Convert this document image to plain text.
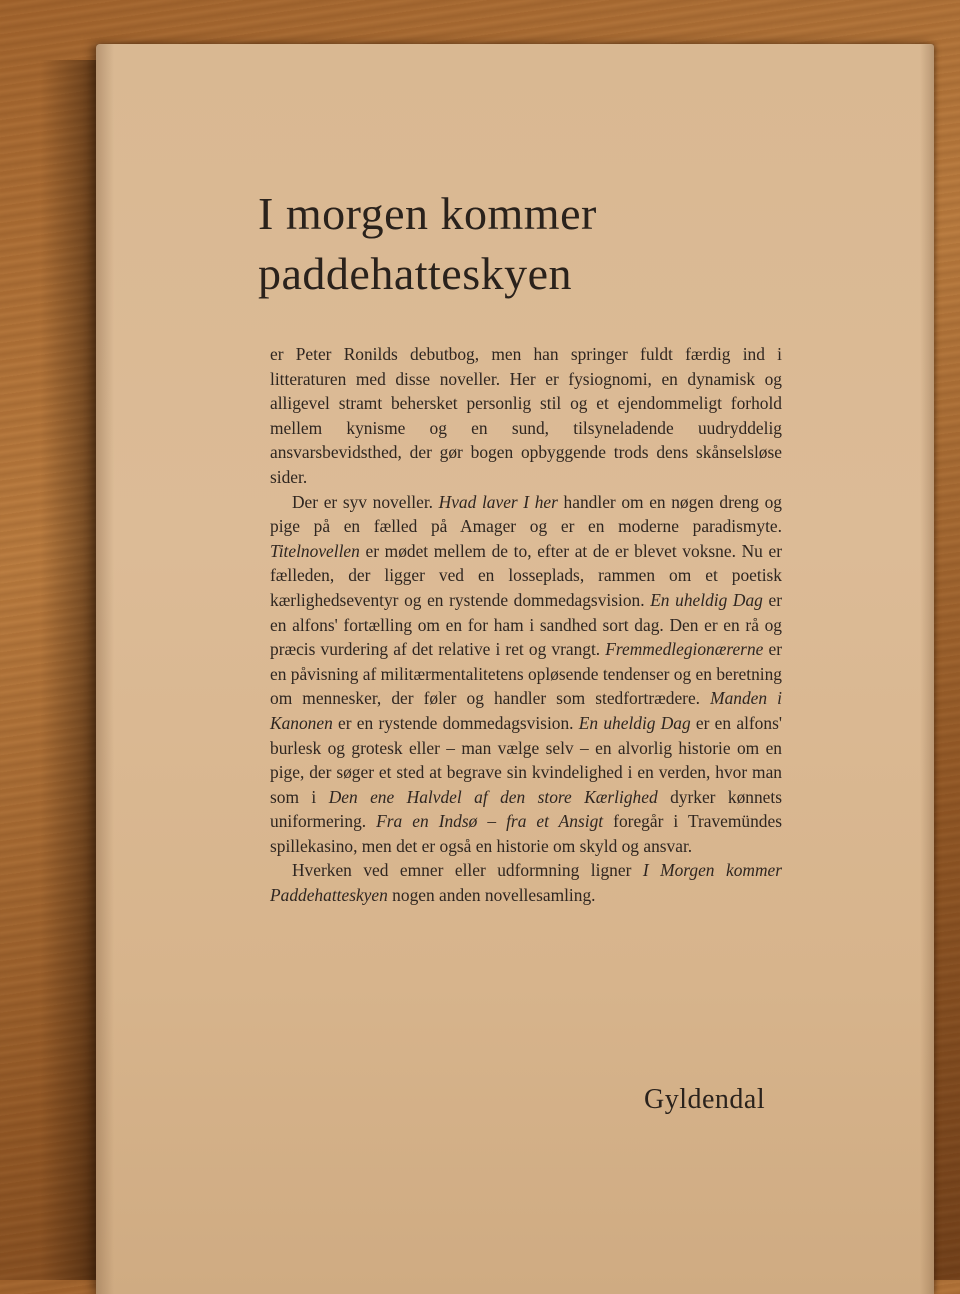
I morgen kommer
paddehatteskyen

er Peter Ronilds debutbog, men han springer fuldt færdig ind i litteraturen med disse noveller. Her er fysiognomi, en dynamisk og alligevel stramt behersket personlig stil og et ejendommeligt forhold mellem kynisme og en sund, tilsyneladende uudryddelig ansvarsbevidsthed, der gør bogen opbyggende trods dens skånselsløse sider.

Der er syv noveller. Hvad laver I her handler om en nøgen dreng og pige på en fælled på Amager og er en moderne paradismyte. Titelnovellen er mødet mellem de to, efter at de er blevet voksne. Nu er fælleden, der ligger ved en losseplads, rammen om et poetisk kærlighedseventyr og en rystende dommedagsvision. En uheldig Dag er en alfons' fortælling om en for ham i sandhed sort dag. Den er en rå og præcis vurdering af det relative i ret og vrangt. Fremmedlegionærerne er en påvisning af militærmentalitetens opløsende tendenser og en beretning om mennesker, der føler og handler som stedfortrædere. Manden i Kanonen er en rystende dommedagsvision. En uheldig Dag er en alfons' burlesk og grotesk eller – man vælge selv – en alvorlig historie om en pige, der søger et sted at begrave sin kvindelighed i en verden, hvor man som i Den ene Halvdel af den store Kærlighed dyrker kønnets uniformering. Fra en Indsø – fra et Ansigt foregår i Travemündes spillekasino, men det er også en historie om skyld og ansvar.

Hverken ved emner eller udformning ligner I Morgen kommer Paddehatteskyen nogen anden novellesamling.

Gyldendal
